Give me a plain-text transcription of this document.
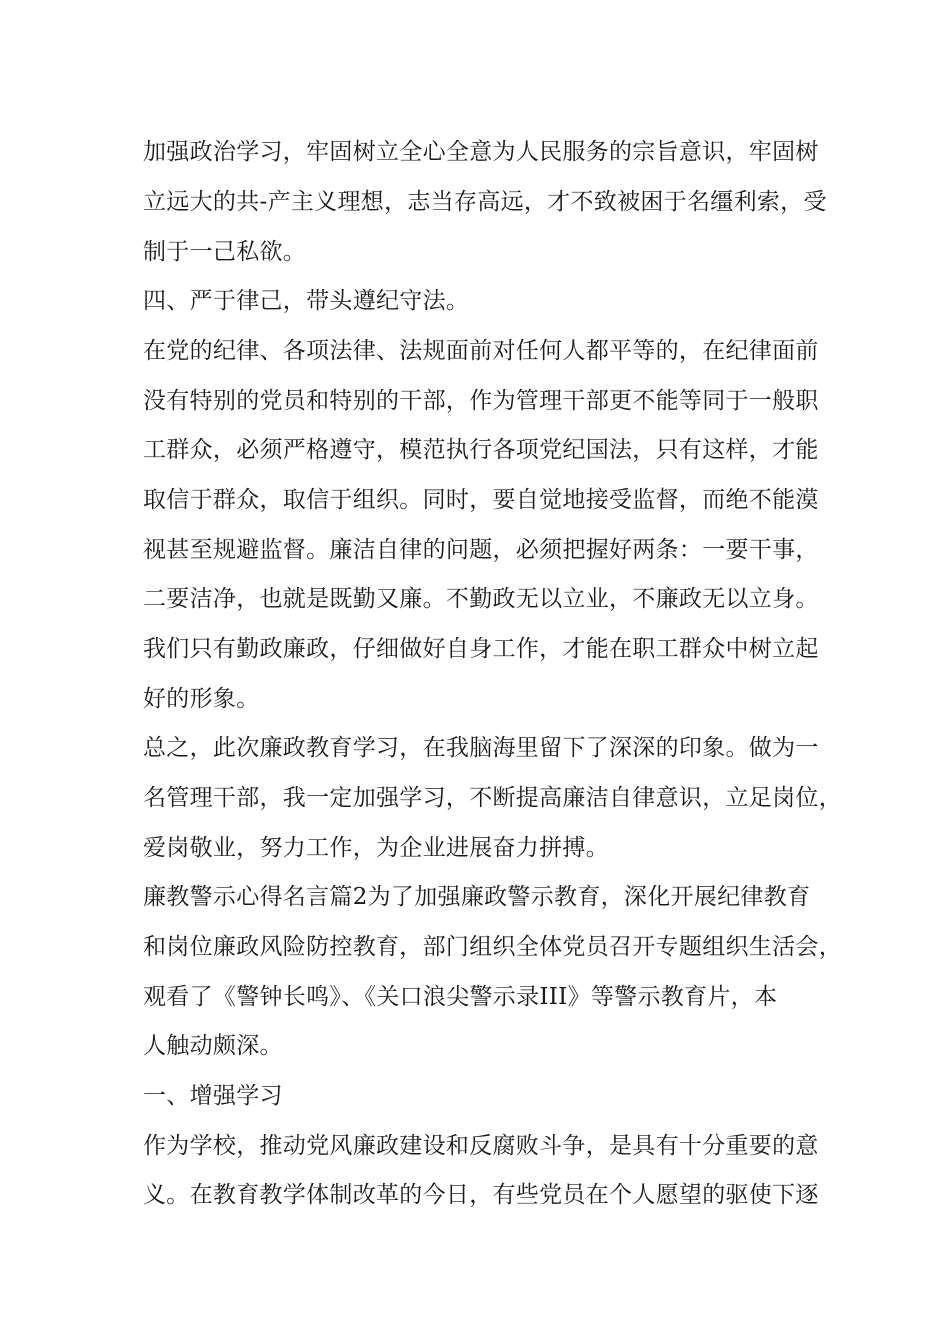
加强政治学习，牢固树立全心全意为人民服务的宗旨意识，牢固树
立远大的共-产主义理想，志当存高远，才不致被困于名缰利索，受
制于一己私欲。
四、严于律己，带头遵纪守法。
在党的纪律、各项法律、法规面前对任何人都平等的，在纪律面前
没有特别的党员和特别的干部，作为管理干部更不能等同于一般职
工群众，必须严格遵守，模范执行各项党纪国法，只有这样，才能
取信于群众，取信于组织。同时，要自觉地接受监督，而绝不能漠
视甚至规避监督。廉洁自律的问题，必须把握好两条：一要干事，
二要洁净，也就是既勤又廉。不勤政无以立业，不廉政无以立身。
我们只有勤政廉政，仔细做好自身工作，才能在职工群众中树立起
好的形象。
总之，此次廉政教育学习，在我脑海里留下了深深的印象。做为一
名管理干部，我一定加强学习，不断提高廉洁自律意识，立足岗位，
爱岗敬业，努力工作，为企业进展奋力拼搏。
廉教警示心得名言篇2为了加强廉政警示教育，深化开展纪律教育
和岗位廉政风险防控教育，部门组织全体党员召开专题组织生活会，
观看了《警钟长鸣》、《关口浪尖警示录III》等警示教育片，本
人触动颇深。
一、增强学习
作为学校，推动党风廉政建设和反腐败斗争，是具有十分重要的意
义。在教育教学体制改革的今日，有些党员在个人愿望的驱使下逐
